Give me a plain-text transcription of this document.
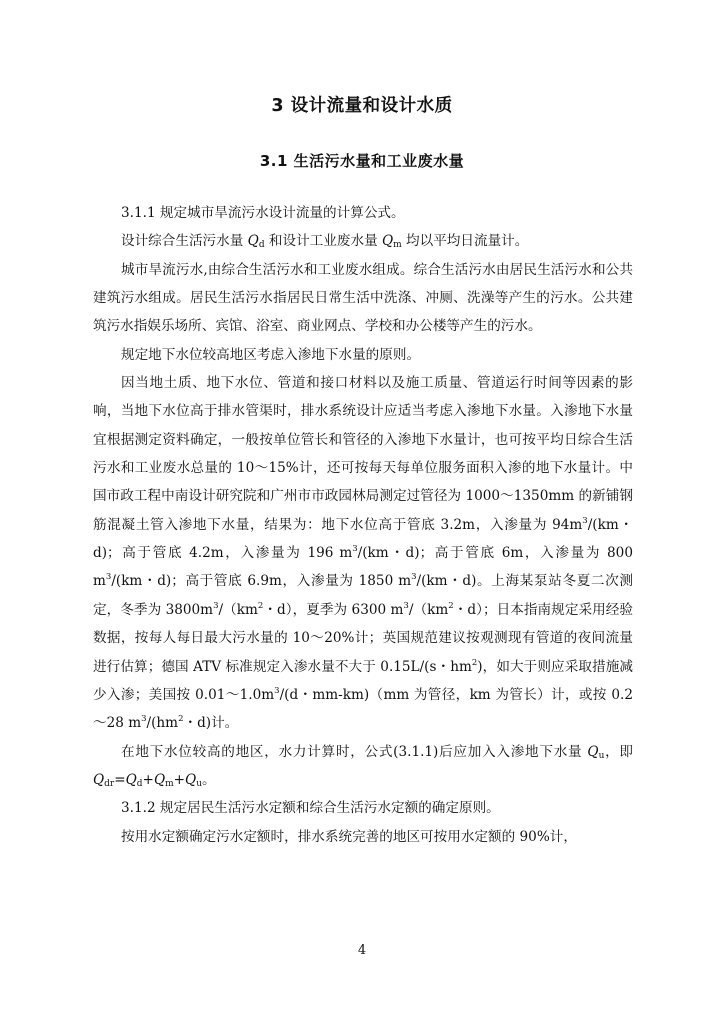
3 设计流量和设计水质
3.1 生活污水量和工业废水量

3.1.1 规定城市旱流污水设计流量的计算公式。

设计综合生活污水量 $Q_d$ 和设计工业废水量 $Q_m$ 均以平均日流量计。

城市旱流污水,由综合生活污水和工业废水组成。综合生活污水由居民生活污水和公共建筑污水组成。居民生活污水指居民日常生活中洗涤、冲厕、洗澡等产生的污水。公共建筑污水指娱乐场所、宾馆、浴室、商业网点、学校和办公楼等产生的污水。

规定地下水位较高地区考虑入渗地下水量的原则。

因当地土质、地下水位、管道和接口材料以及施工质量、管道运行时间等因素的影响，当地下水位高于排水管渠时，排水系统设计应适当考虑入渗地下水量。入渗地下水量宜根据测定资料确定，一般按单位管长和管径的入渗地下水量计，也可按平均日综合生活污水和工业废水总量的 10～15%计，还可按每天每单位服务面积入渗的地下水量计。中国市政工程中南设计研究院和广州市市政园林局测定过管径为 1000～1350mm 的新铺钢筋混凝土管入渗地下水量，结果为：地下水位高于管底 3.2m，入渗量为 $94m^3/(km$・d)；高于管底 4.2m，入渗量为 196 $m^3/(km$・d)；高于管底 6m，入渗量为 800 $m^3/(km$・d)；高于管底 6.9m，入渗量为 1850 $m^3/(km$・d)。上海某泵站冬夏二次测定，冬季为 $3800m^3/(km^2$・d），夏季为 6300 $m^3/(km^2$・d）；日本指南规定采用经验数据，按每人每日最大污水量的 10～20%计；英国规范建议按观测现有管道的夜间流量进行估算；德国 ATV 标准规定入渗水量不大于 0.15L/(s・$hm^2$)，如大于则应采取措施减少入渗；美国按 $0.01\sim 1.0m^3/(d$・mm-km)（mm 为管径，km 为管长）计，或按 0.2～28 $m^3/(hm^2$・d)计。

在地下水位较高的地区，水力计算时，公式(3.1.1)后应加入入渗地下水量 $Q_u$，即 $Q_{dr}=Q_d+Q_m+Q_u$。

3.1.2 规定居民生活污水定额和综合生活污水定额的确定原则。

按用水定额确定污水定额时，排水系统完善的地区可按用水定额的 90%计，

4
